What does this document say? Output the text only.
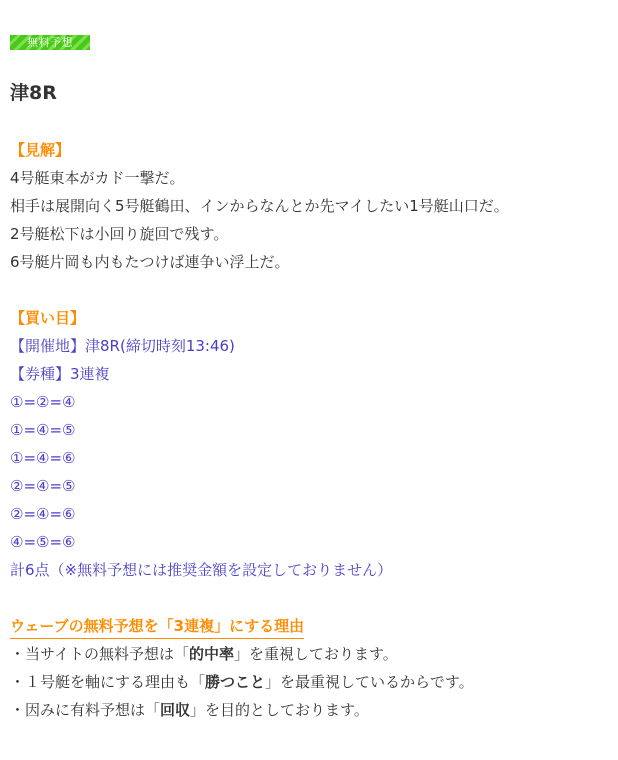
無料予想
津8R
【見解】
4号艇東本がカド一撃だ。
相手は展開向く5号艇鶴田、インからなんとか先マイしたい1号艇山口だ。
2号艇松下は小回り旋回で残す。
6号艇片岡も内もたつけば連争い浮上だ。
【買い目】
【開催地】津8R(締切時刻13:46)
【券種】3連複
①=②=④
①=④=⑤
①=④=⑥
②=④=⑤
②=④=⑥
④=⑤=⑥
計6点（※無料予想には推奨金額を設定しておりません）
ウェーブの無料予想を「3連複」にする理由
・当サイトの無料予想は「的中率」を重視しております。
・１号艇を軸にする理由も「勝つこと」を最重視しているからです。
・因みに有料予想は「回収」を目的としております。
